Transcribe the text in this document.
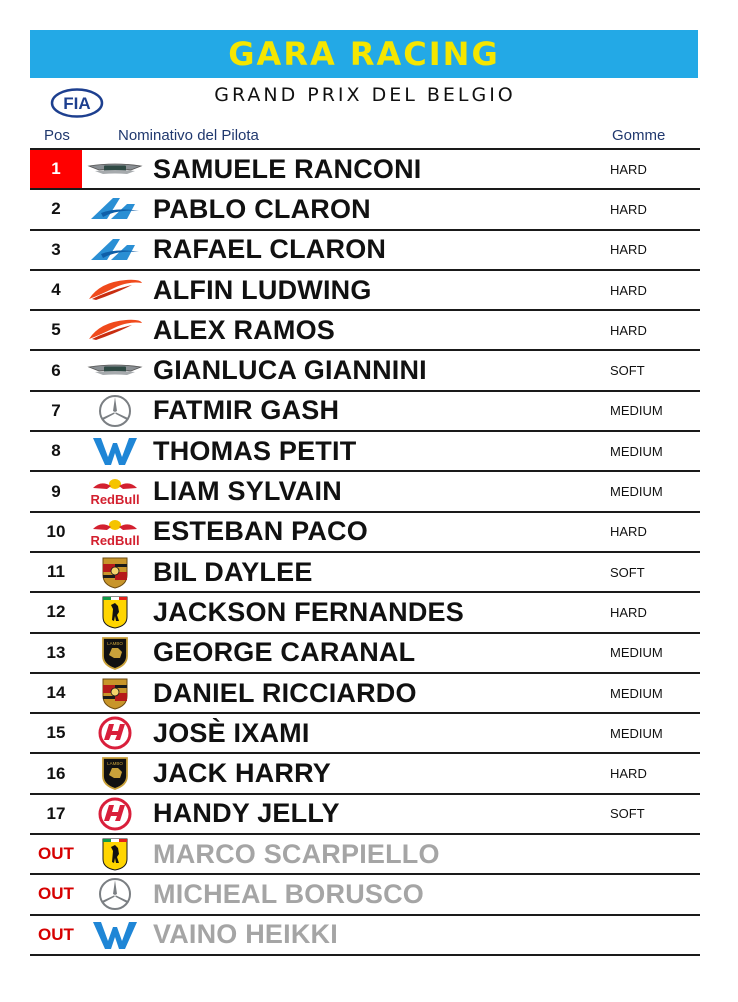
GARA RACING
FIA	GRAND PRIX DEL BELGIO
Pos	Nominativo del Pilota	Gomme
1	SAMUELE RANCONI	HARD
2	PABLO CLARON	HARD
3	RAFAEL CLARON	HARD
4	ALFIN LUDWING	HARD
5	ALEX RAMOS	HARD
6	GIANLUCA GIANNINI	SOFT
7	FATMIR GASH	MEDIUM
8	THOMAS PETIT	MEDIUM
9	RedBull LIAM SYLVAIN	MEDIUM
10	RedBull ESTEBAN PACO	HARD
11	BIL DAYLEE	SOFT
12	JACKSON FERNANDES	HARD
13	LAMBO GEORGE CARANAL	MEDIUM
14	DANIEL RICCIARDO	MEDIUM
15	JOSÈ IXAMI	MEDIUM
16	LAMBO JACK HARRY	HARD
17	HANDY JELLY	SOFT
OUT	MARCO SCARPIELLO
OUT	MICHEAL BORUSCO
OUT	VAINO HEIKKI
